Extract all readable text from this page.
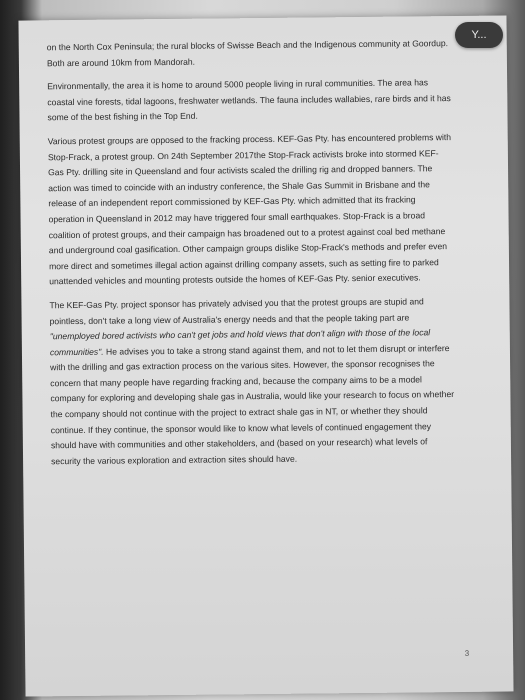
on the North Cox Peninsula; the rural blocks of Swisse Beach and the Indigenous community at Goordup. Both are around 10km from Mandorah.

Environmentally, the area it is home to around 5000 people living in rural communities. The area has coastal vine forests, tidal lagoons, freshwater wetlands. The fauna includes wallabies, rare birds and it has some of the best fishing in the Top End.

Various protest groups are opposed to the fracking process. KEF-Gas Pty. has encountered problems with Stop-Frack, a protest group. On 24th September 2017the Stop-Frack activists broke into stormed KEF-Gas Pty. drilling site in Queensland and four activists scaled the drilling rig and dropped banners. The action was timed to coincide with an industry conference, the Shale Gas Summit in Brisbane and the release of an independent report commissioned by KEF-Gas Pty. which admitted that its fracking operation in Queensland in 2012 may have triggered four small earthquakes. Stop-Frack is a broad coalition of protest groups, and their campaign has broadened out to a protest against coal bed methane and underground coal gasification. Other campaign groups dislike Stop-Frack's methods and prefer even more direct and sometimes illegal action against drilling company assets, such as setting fire to parked unattended vehicles and mounting protests outside the homes of KEF-Gas Pty. senior executives.

The KEF-Gas Pty. project sponsor has privately advised you that the protest groups are stupid and pointless, don't take a long view of Australia's energy needs and that the people taking part are "unemployed bored activists who can't get jobs and hold views that don't align with those of the local communities". He advises you to take a strong stand against them, and not to let them disrupt or interfere with the drilling and gas extraction process on the various sites. However, the sponsor recognises the concern that many people have regarding fracking and, because the company aims to be a model company for exploring and developing shale gas in Australia, would like your research to focus on whether the company should not continue with the project to extract shale gas in NT, or whether they should continue. If they continue, the sponsor would like to know what levels of continued engagement they should have with communities and other stakeholders, and (based on your research) what levels of security the various exploration and extraction sites should have.

3
Y...
